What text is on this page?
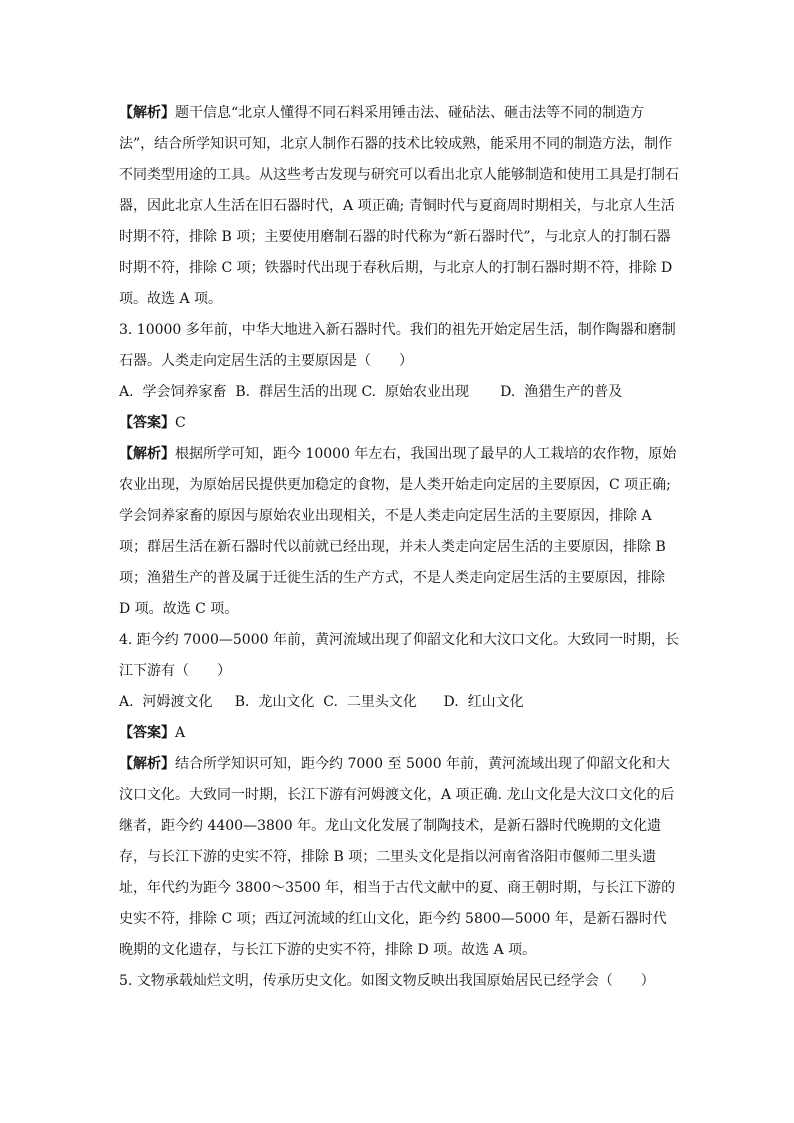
【解析】题干信息“北京人懂得不同石料采用锤击法、碰砧法、砸击法等不同的制造方法”，结合所学知识可知，北京人制作石器的技术比较成熟，能采用不同的制造方法，制作不同类型用途的工具。从这些考古发现与研究可以看出北京人能够制造和使用工具是打制石器，因此北京人生活在旧石器时代，A 项正确; 青铜时代与夏商周时期相关，与北京人生活时期不符，排除 B 项；主要使用磨制石器的时代称为“新石器时代”，与北京人的打制石器时期不符，排除 C 项；铁器时代出现于春秋后期，与北京人的打制石器时期不符，排除 D 项。故选 A 项。

3. 10000 多年前，中华大地进入新石器时代。我们的祖先开始定居生活，制作陶器和磨制石器。人类走向定居生活的主要原因是（　　）

A.  学会饲养家畜  B.  群居生活的出现 C.  原始农业出现       D.  渔猎生产的普及

【答案】C

【解析】根据所学可知，距今 10000 年左右，我国出现了最早的人工栽培的农作物，原始农业出现，为原始居民提供更加稳定的食物，是人类开始走向定居的主要原因，C 项正确; 学会饲养家畜的原因与原始农业出现相关，不是人类走向定居生活的主要原因，排除 A 项；群居生活在新石器时代以前就已经出现，并未人类走向定居生活的主要原因，排除 B 项；渔猎生产的普及属于迁徙生活的生产方式，不是人类走向定居生活的主要原因，排除 D 项。故选 C 项。

4. 距今约 7000—5000 年前，黄河流域出现了仰韶文化和大汶口文化。大致同一时期，长江下游有（　　）

A.  河姆渡文化     B.  龙山文化  C.  二里头文化      D.  红山文化

【答案】A

【解析】结合所学知识可知，距今约 7000 至 5000 年前，黄河流域出现了仰韶文化和大汶口文化。大致同一时期，长江下游有河姆渡文化，A 项正确. 龙山文化是大汶口文化的后继者，距今约 4400—3800 年。龙山文化发展了制陶技术，是新石器时代晚期的文化遗存，与长江下游的史实不符，排除 B 项；二里头文化是指以河南省洛阳市偃师二里头遗址，年代约为距今 3800～3500 年，相当于古代文献中的夏、商王朝时期，与长江下游的史实不符，排除 C 项；西辽河流域的红山文化，距今约 5800—5000 年，是新石器时代晚期的文化遗存，与长江下游的史实不符，排除 D 项。故选 A 项。

5. 文物承载灿烂文明，传承历史文化。如图文物反映出我国原始居民已经学会（　　）
